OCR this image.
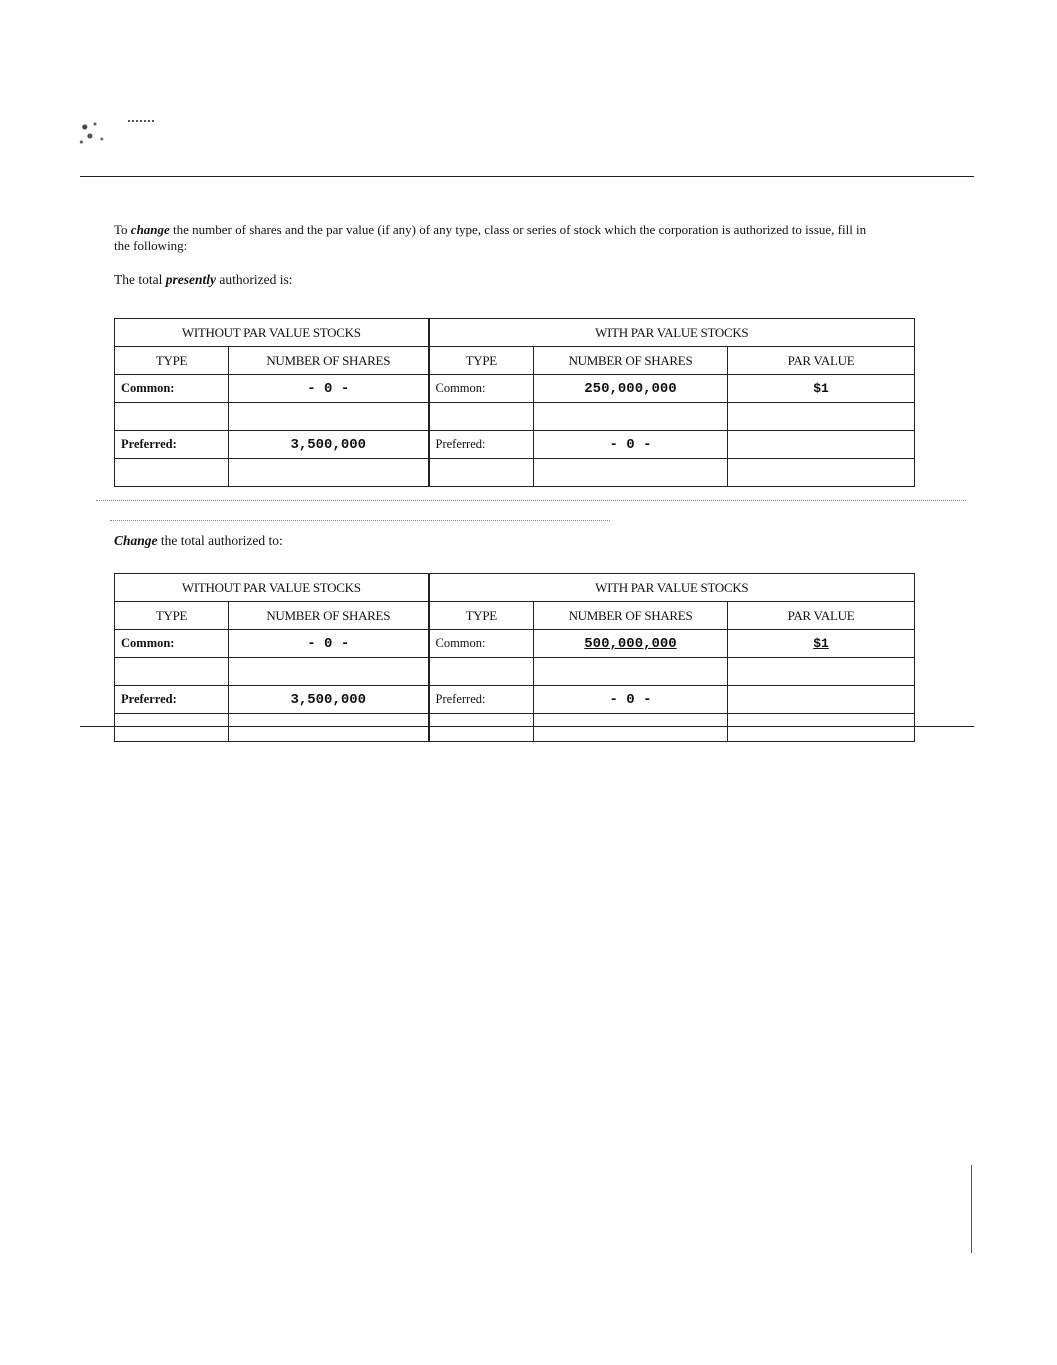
To change the number of shares and the par value (if any) of any type, class or series of stock which the corporation is authorized to issue, fill in the following:
The total presently authorized is:
WITHOUT PAR VALUE STOCKS		WITH PAR VALUE STOCKS		
TYPE	NUMBER OF SHARES	TYPE	NUMBER OF SHARES	PAR VALUE
Common:	- 0 -	Common:	250,000,000	$1

Preferred:	3,500,000	Preferred:	- 0 -	

Change the total authorized to:
WITHOUT PAR VALUE STOCKS		WITH PAR VALUE STOCKS		
TYPE	NUMBER OF SHARES	TYPE	NUMBER OF SHARES	PAR VALUE
Common:	- 0 -	Common:	500,000,000	$1

Preferred:	3,500,000	Preferred:	- 0 -	
